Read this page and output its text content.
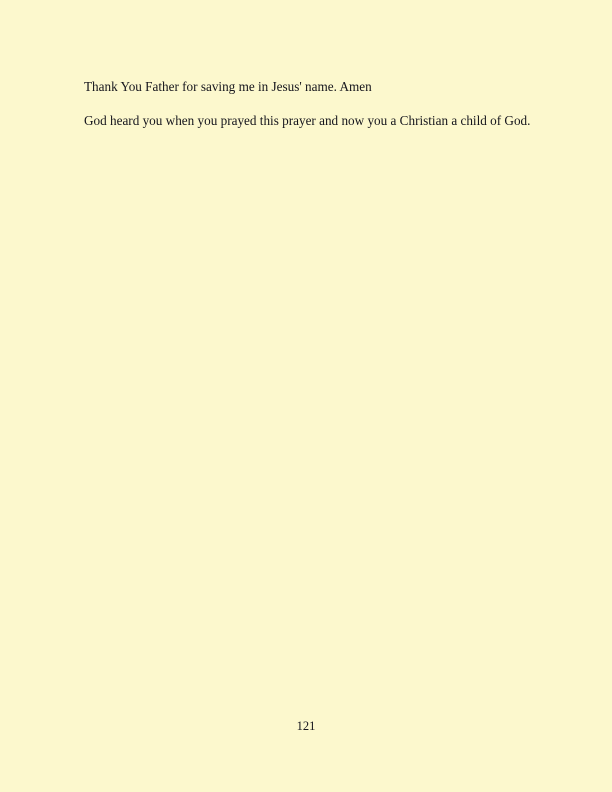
Thank You Father for saving me in Jesus' name. Amen

God heard you when you prayed this prayer and now you a Christian a child of God.

121
